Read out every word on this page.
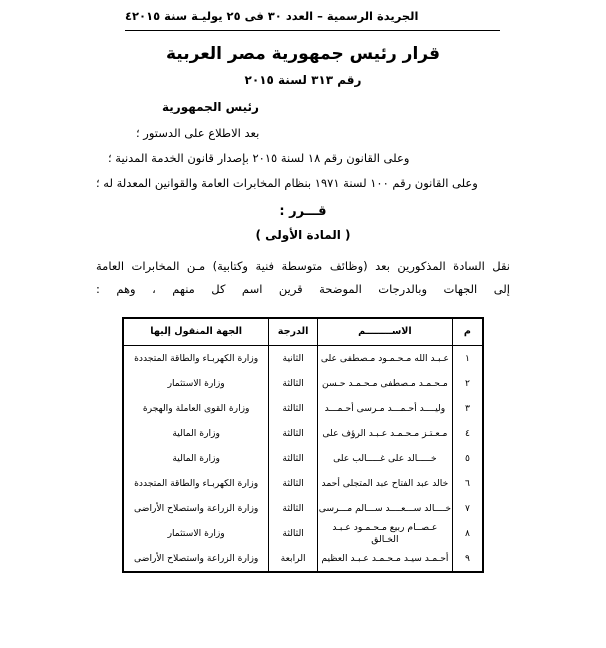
٤ الجريدة الرسمية – العدد ٣٠ فى ٢٥ يوليـة سنة ٢٠١٥
قرار رئيس جمهورية مصر العربية
رقم ٣١٣ لسنة ٢٠١٥
رئيس الجمهورية
بعد الاطلاع على الدستور ؛
وعلى القانون رقم ١٨ لسنة ٢٠١٥ بإصدار قانون الخدمة المدنية ؛
وعلى القانون رقم ١٠٠ لسنة ١٩٧١ بنظام المخابرات العامة والقوانين المعدلة له ؛
قـــرر :
( المادة الأولى )
نقل السادة المذكورين بعد (وظائف متوسطة فنية وكتابية) مـن المخابرات العامة
إلى الجهات وبالدرجات الموضحة قرين اسم كل منهم ، وهم :
م	الاســــــــم	الدرجة	الجهة المنقول إليها
١	عـبـد الله مـحـمـود مـصطفى على	الثانية	وزارة الكهربـاء والطاقة المتجددة
٢	مـحـمـد مـصطفى مـحـمـد حـسن	الثالثة	وزارة الاستثمار
٣	وليــــد أحـمـــد مـرسى أحـمـــد	الثالثة	وزارة القوى العاملة والهجرة
٤	مـعـتـز مـحـمـد عـبـد الرؤف على	الثالثة	وزارة المالية
٥	خـــــالد على غـــــالب على	الثالثة	وزارة المالية
٦	خالد عبد الفتاح عبد المتجلى أحمد	الثالثة	وزارة الكهربـاء والطاقة المتجددة
٧	خــــالد ســـعــــد ســـالم مـــرسى	الثالثة	وزارة الزراعة واستصلاح الأراضى
٨	عـصــام ربيع مـحـمـود عـبـد الخـالق	الثالثة	وزارة الاستثمار
٩	أحـمـد سيـد مـحـمـد عـبـد العظيم	الرابعة	وزارة الزراعة واستصلاح الأراضى
